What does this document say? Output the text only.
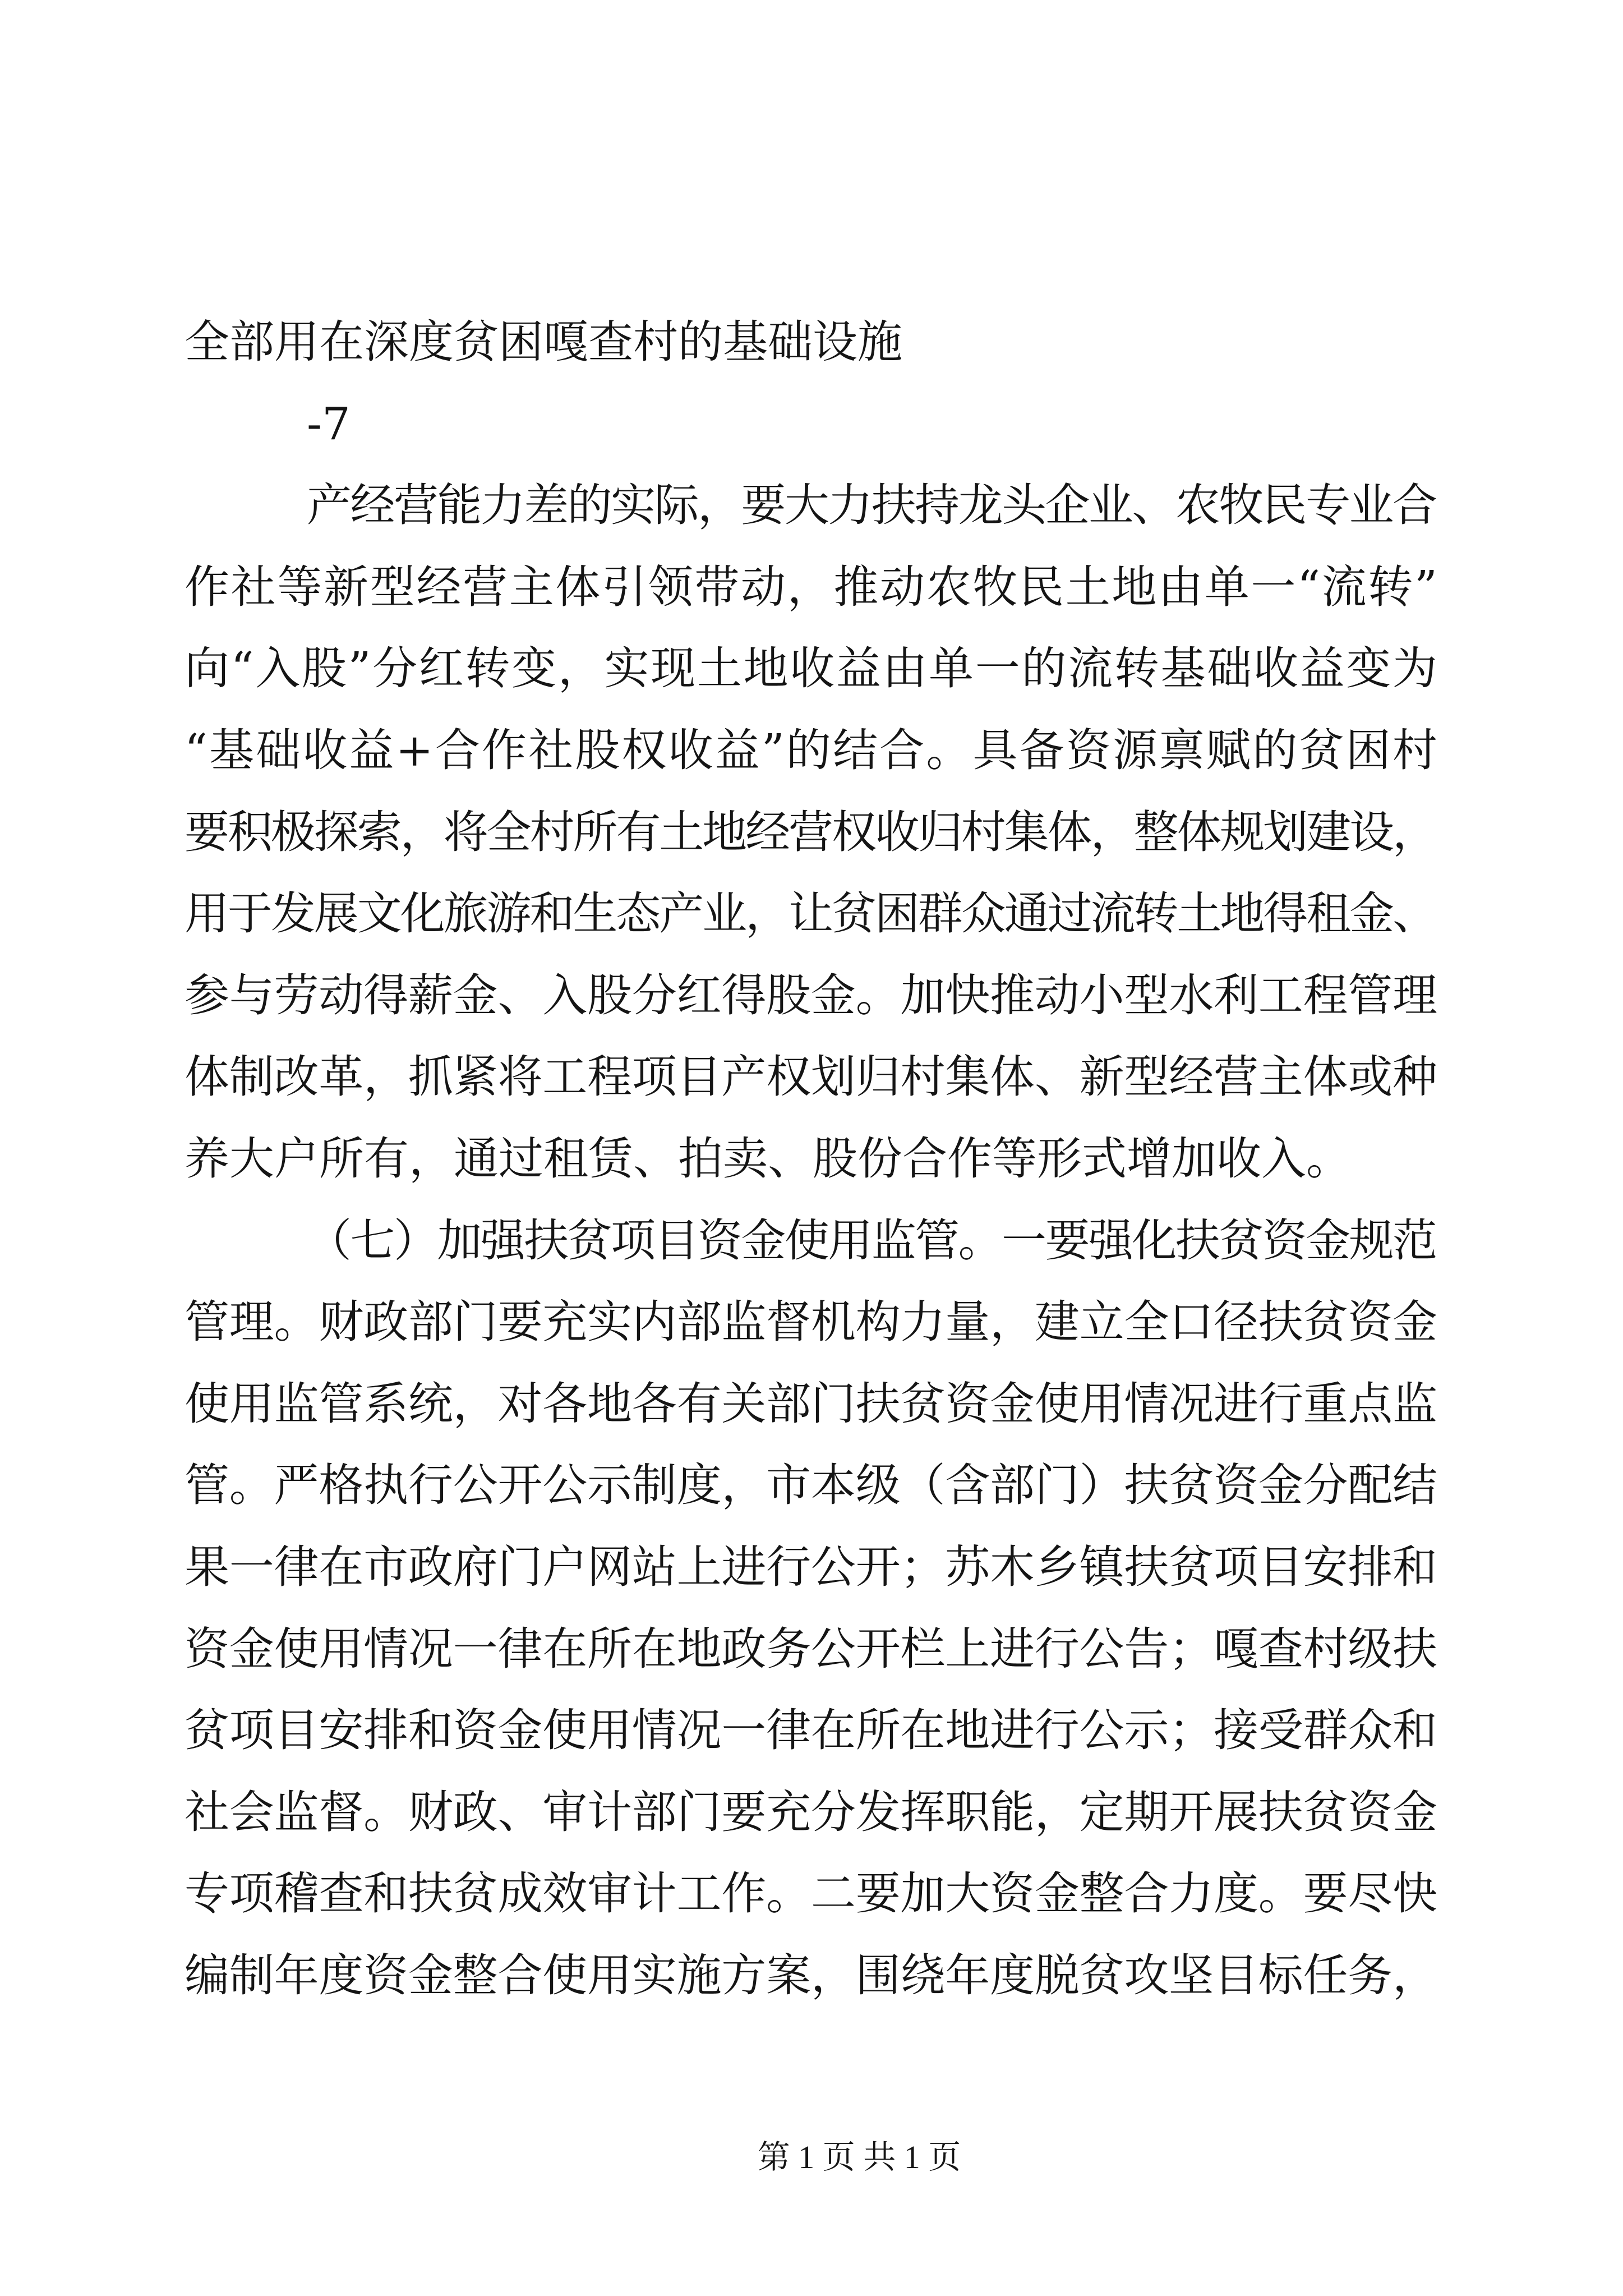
全部用在深度贫困嘎查村的基础设施
-7
产经营能力差的实际，要大力扶持龙头企业、农牧民专业合
作社等新型经营主体引领带动，推动农牧民土地由单一“流转”
向“入股”分红转变，实现土地收益由单一的流转基础收益变为
“基础收益+合作社股权收益”的结合。具备资源禀赋的贫困村
要积极探索，将全村所有土地经营权收归村集体，整体规划建设，
用于发展文化旅游和生态产业，让贫困群众通过流转土地得租金、
参与劳动得薪金、入股分红得股金。加快推动小型水利工程管理
体制改革，抓紧将工程项目产权划归村集体、新型经营主体或种
养大户所有，通过租赁、拍卖、股份合作等形式增加收入。
（七）加强扶贫项目资金使用监管。一要强化扶贫资金规范
管理。财政部门要充实内部监督机构力量，建立全口径扶贫资金
使用监管系统，对各地各有关部门扶贫资金使用情况进行重点监
管。严格执行公开公示制度，市本级（含部门）扶贫资金分配结
果一律在市政府门户网站上进行公开；苏木乡镇扶贫项目安排和
资金使用情况一律在所在地政务公开栏上进行公告；嘎查村级扶
贫项目安排和资金使用情况一律在所在地进行公示；接受群众和
社会监督。财政、审计部门要充分发挥职能，定期开展扶贫资金
专项稽查和扶贫成效审计工作。二要加大资金整合力度。要尽快
编制年度资金整合使用实施方案，围绕年度脱贫攻坚目标任务，
第 1 页 共 1 页
